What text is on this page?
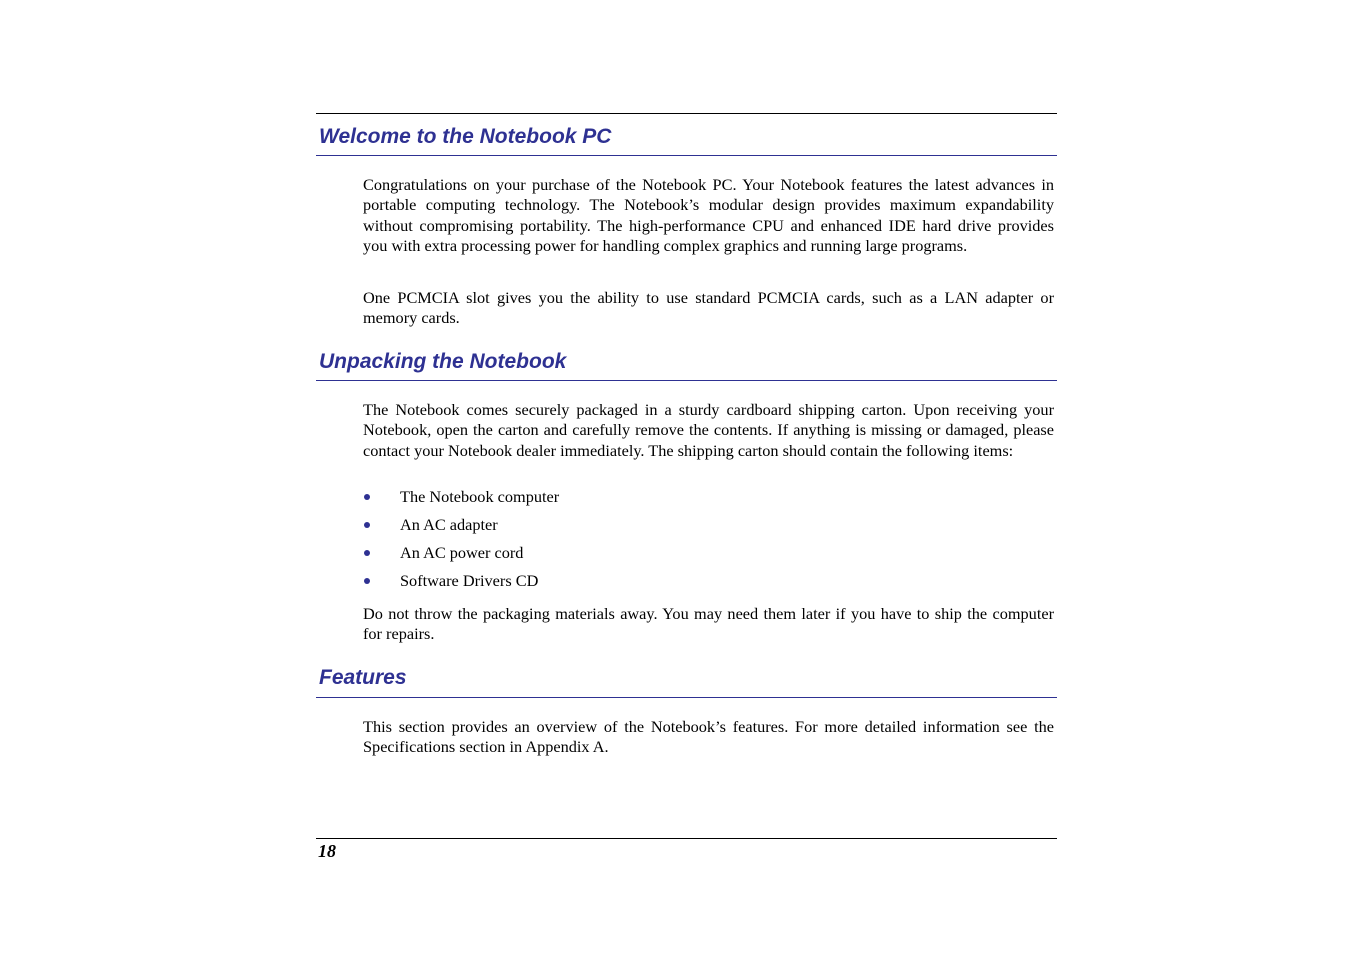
Welcome to the Notebook PC

Congratulations on your purchase of the Notebook PC. Your Notebook features the latest advances in portable computing technology. The Notebook’s modular design provides maximum expandability without compromising portability. The high-performance CPU and enhanced IDE hard drive provides you with extra processing power for handling complex graphics and running large programs.

One PCMCIA slot gives you the ability to use standard PCMCIA cards, such as a LAN adapter or memory cards.

Unpacking the Notebook

The Notebook comes securely packaged in a sturdy cardboard shipping carton. Upon receiving your Notebook, open the carton and carefully remove the contents. If anything is missing or damaged, please contact your Notebook dealer immediately. The shipping carton should contain the following items:

The Notebook computer
An AC adapter
An AC power cord
Software Drivers CD

Do not throw the packaging materials away. You may need them later if you have to ship the computer for repairs.

Features

This section provides an overview of the Notebook’s features. For more detailed information see the Specifications section in Appendix A.

18
